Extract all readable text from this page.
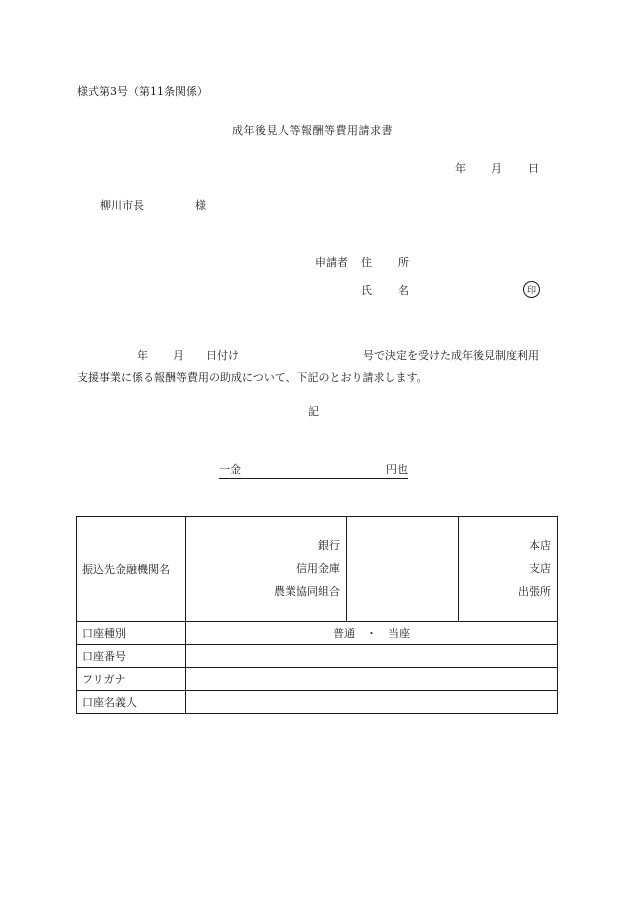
様式第3号（第11条関係）
成年後見人等報酬等費用請求書
年 月 日
柳川市長	様
申請者 住 所
氏 名	印
年 月 日付け	号で決定を受けた成年後見制度利用
支援事業に係る報酬等費用の助成について、下記のとおり請求します。
記
一金	円也
振込先金融機関名	銀行
信用金庫
農業協同組合		本店
支店
出張所

口座種別	普通　・　当座		
口座番号			
フリガナ			
口座名義人			
